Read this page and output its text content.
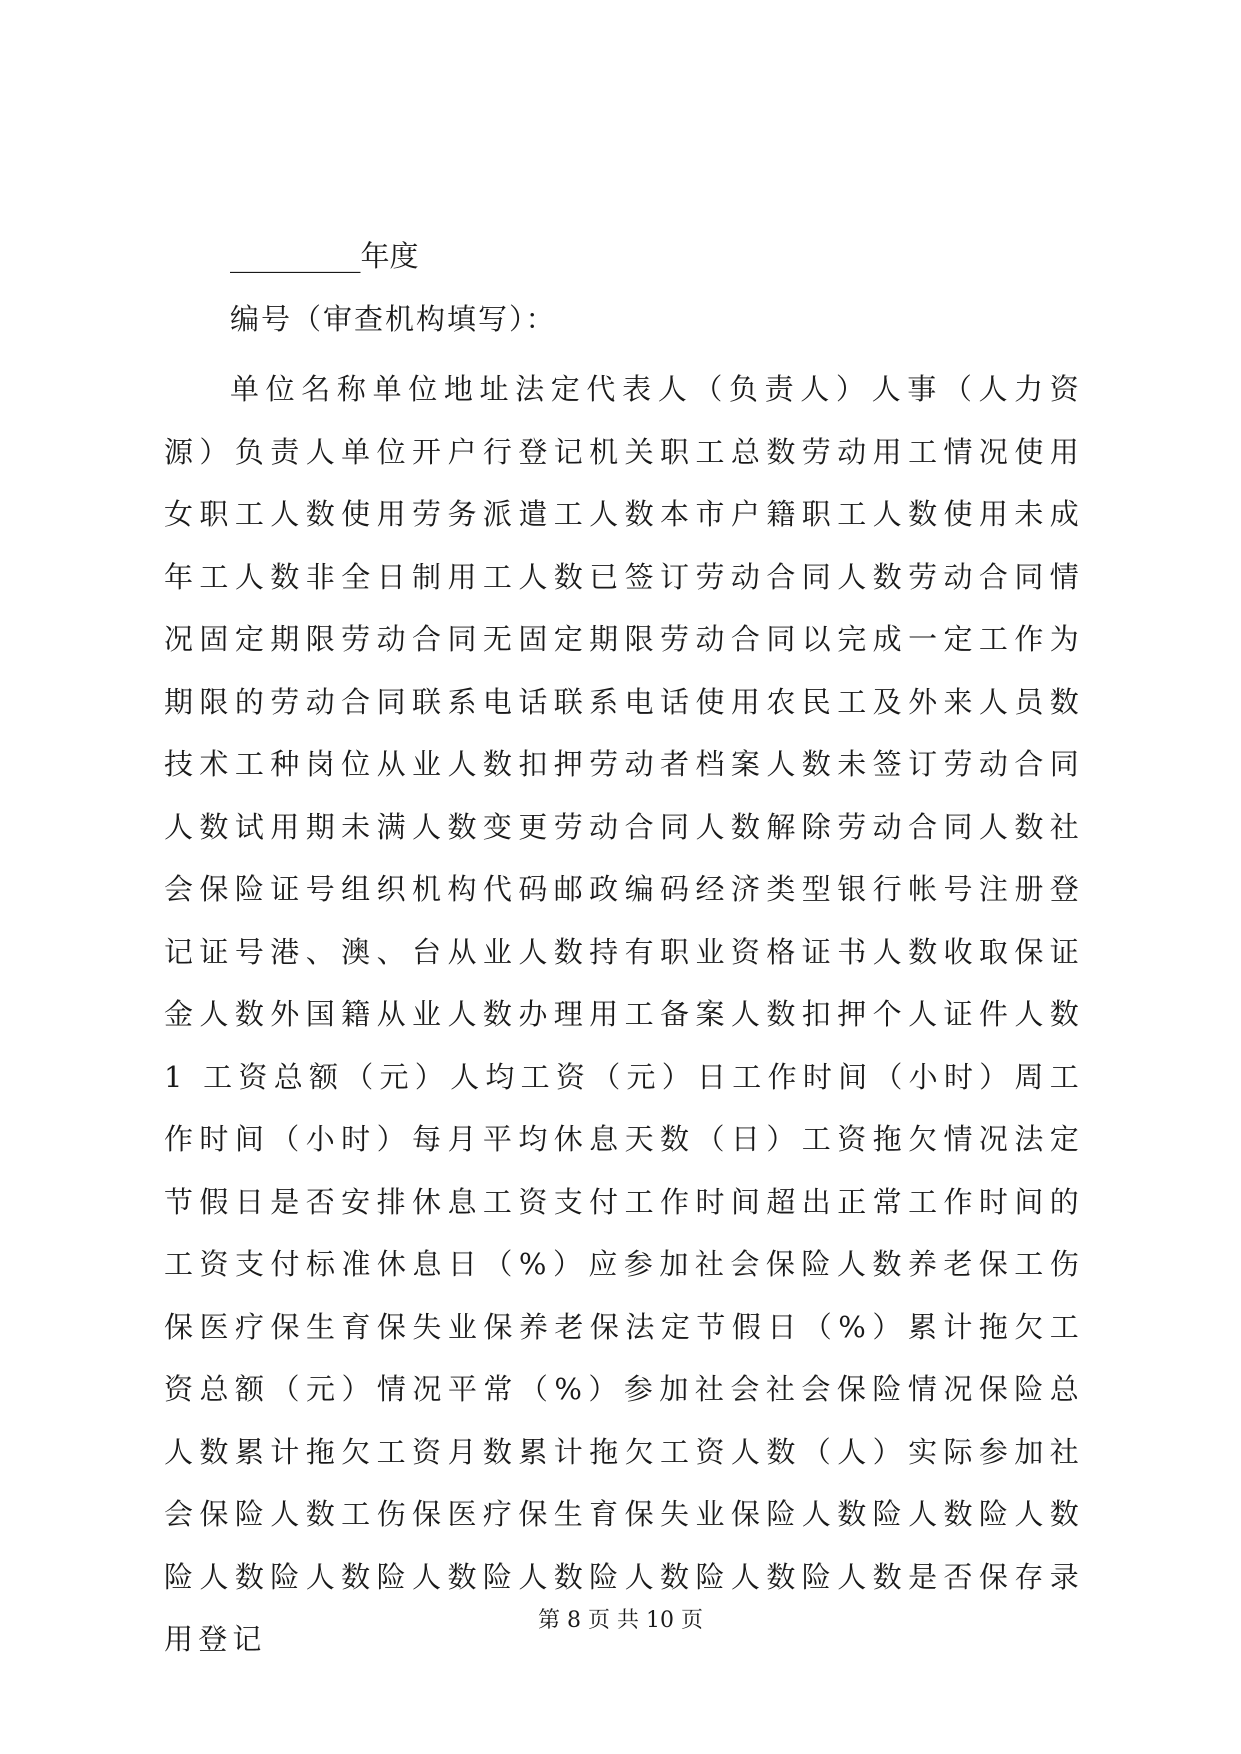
_________年度
编号（审查机构填写）：
单位名称单位地址法定代表人（负责人）人事（人力资源）负责人单位开户行登记机关职工总数劳动用工情况使用女职工人数使用劳务派遣工人数本市户籍职工人数使用未成年工人数非全日制用工人数已签订劳动合同人数劳动合同情况固定期限劳动合同无固定期限劳动合同以完成一定工作为期限的劳动合同联系电话联系电话使用农民工及外来人员数技术工种岗位从业人数扣押劳动者档案人数未签订劳动合同人数试用期未满人数变更劳动合同人数解除劳动合同人数社会保险证号组织机构代码邮政编码经济类型银行帐号注册登记证号港、澳、台从业人数持有职业资格证书人数收取保证金人数外国籍从业人数办理用工备案人数扣押个人证件人数 1 工资总额（元）人均工资（元）日工作时间（小时）周工作时间（小时）每月平均休息天数（日）工资拖欠情况法定节假日是否安排休息工资支付工作时间超出正常工作时间的工资支付标准休息日（%）应参加社会保险人数养老保工伤保医疗保生育保失业保养老保法定节假日（%）累计拖欠工资总额（元）情况平常（%）参加社会社会保险情况保险总人数累计拖欠工资月数累计拖欠工资人数（人）实际参加社会保险人数工伤保医疗保生育保失业保险人数险人数险人数险人数险人数险人数险人数险人数险人数险人数是否保存录用登记
第 8 页 共 10 页
